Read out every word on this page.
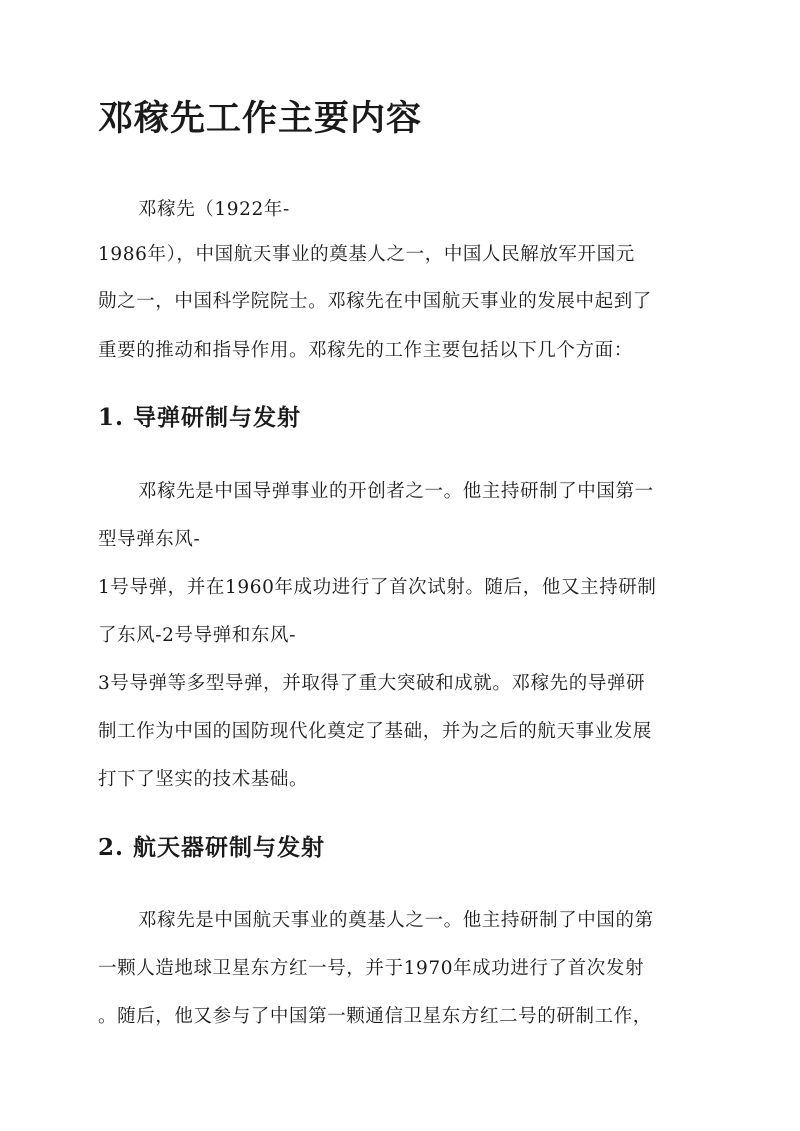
邓稼先工作主要内容

邓稼先（1922年-

1986年），中国航天事业的奠基人之一，中国人民解放军开国元

勋之一，中国科学院院士。邓稼先在中国航天事业的发展中起到了

重要的推动和指导作用。邓稼先的工作主要包括以下几个方面：

1. 导弹研制与发射

邓稼先是中国导弹事业的开创者之一。他主持研制了中国第一

型导弹东风-

1号导弹，并在1960年成功进行了首次试射。随后，他又主持研制

了东风-2号导弹和东风-

3号导弹等多型导弹，并取得了重大突破和成就。邓稼先的导弹研

制工作为中国的国防现代化奠定了基础，并为之后的航天事业发展

打下了坚实的技术基础。

2. 航天器研制与发射

邓稼先是中国航天事业的奠基人之一。他主持研制了中国的第

一颗人造地球卫星东方红一号，并于1970年成功进行了首次发射

。随后，他又参与了中国第一颗通信卫星东方红二号的研制工作，
